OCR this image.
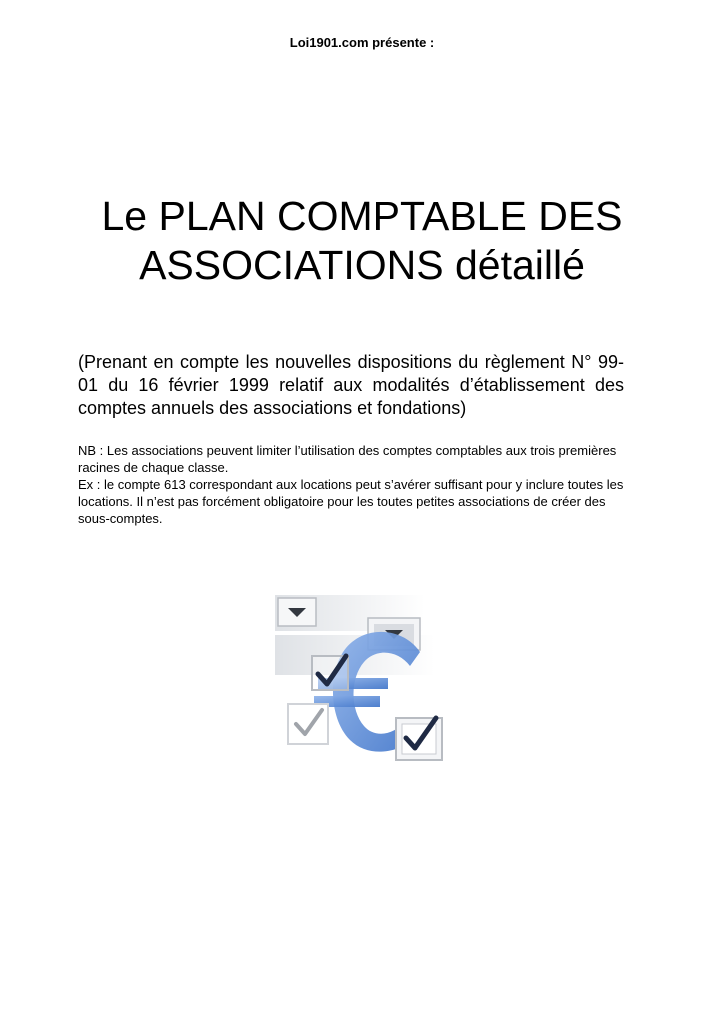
Loi1901.com présente :
Le PLAN COMPTABLE DES
ASSOCIATIONS détaillé

(Prenant en compte les nouvelles dispositions du règlement N° 99-01 du 16 février 1999 relatif aux modalités d’établissement des comptes annuels des associations et fondations)

NB : Les associations peuvent limiter l’utilisation des comptes comptables aux trois premières racines de chaque classe.

Ex : le compte 613 correspondant aux locations peut s’avérer suffisant pour y inclure toutes les locations. Il n’est pas forcément obligatoire pour les toutes petites associations de créer des sous-comptes.
